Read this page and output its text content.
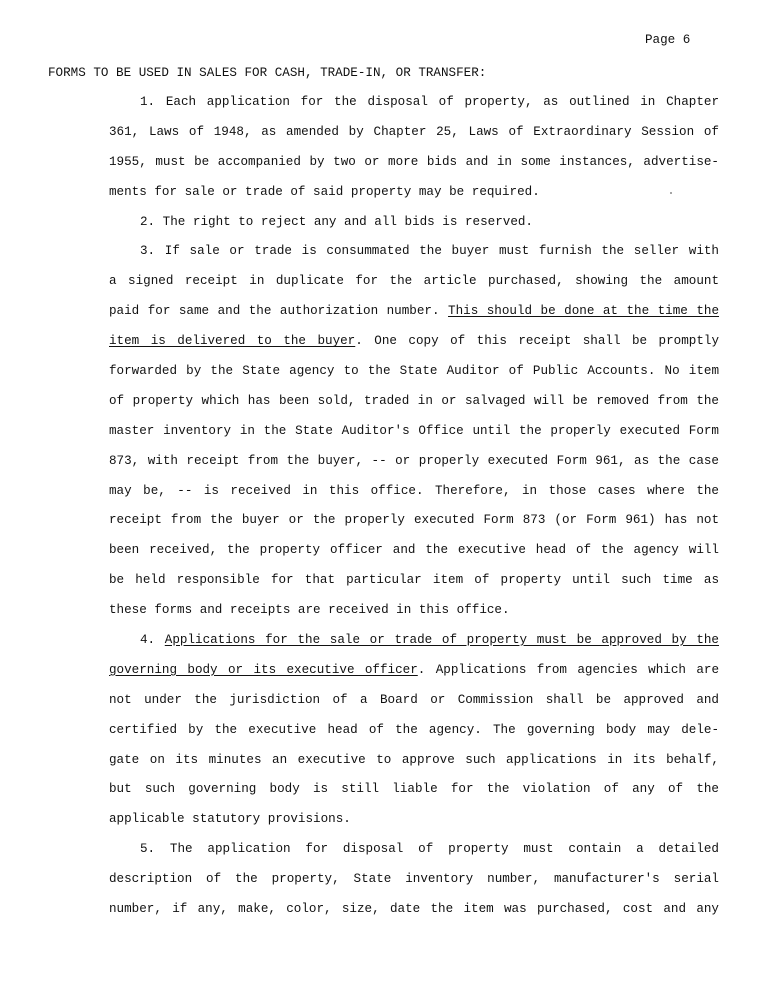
Page 6
FORMS TO BE USED IN SALES FOR CASH, TRADE-IN, OR TRANSFER:
1. Each application for the disposal of property, as outlined in Chapter
361, Laws of 1948, as amended by Chapter 25, Laws of Extraordinary Session of
1955, must be accompanied by two or more bids and in some instances, advertise-
ments for sale or trade of said property may be required.
2. The right to reject any and all bids is reserved.
3. If sale or trade is consummated the buyer must furnish the seller with
a signed receipt in duplicate for the article purchased, showing the amount
paid for same and the authorization number. This should be done at the time the
item is delivered to the buyer. One copy of this receipt shall be promptly
forwarded by the State agency to the State Auditor of Public Accounts. No item
of property which has been sold, traded in or salvaged will be removed from the
master inventory in the State Auditor's Office until the properly executed Form
873, with receipt from the buyer, -- or properly executed Form 961, as the case
may be, -- is received in this office. Therefore, in those cases where the
receipt from the buyer or the properly executed Form 873 (or Form 961) has not
been received, the property officer and the executive head of the agency will
be held responsible for that particular item of property until such time as
these forms and receipts are received in this office.
4. Applications for the sale or trade of property must be approved by the
governing body or its executive officer. Applications from agencies which are
not under the jurisdiction of a Board or Commission shall be approved and
certified by the executive head of the agency. The governing body may dele-
gate on its minutes an executive to approve such applications in its behalf,
but such governing body is still liable for the violation of any of the
applicable statutory provisions.
5. The application for disposal of property must contain a detailed
description of the property, State inventory number, manufacturer's serial
number, if any, make, color, size, date the item was purchased, cost and any
